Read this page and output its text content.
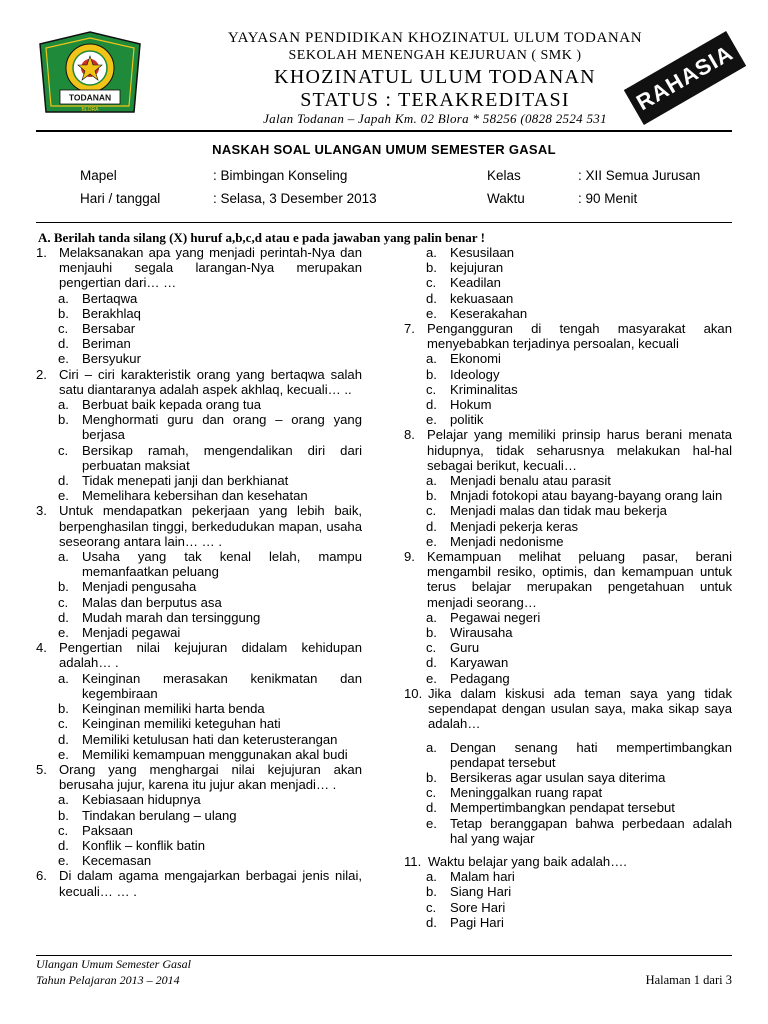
TODANAN
BLORA
YAYASAN PENDIDIKAN KHOZINATUL ULUM TODANAN
SEKOLAH MENENGAH KEJURUAN ( SMK )
KHOZINATUL ULUM TODANAN
STATUS : TERAKREDITASI
Jalan Todanan – Japah Km. 02 Blora * 58256 (0828 2524 531
RAHASIA
NASKAH SOAL ULANGAN UMUM SEMESTER GASAL
Mapel	: Bimbingan Konseling	Kelas	: XII Semua Jurusan
Hari / tanggal	: Selasa, 3 Desember 2013	Waktu	: 90 Menit
A. Berilah tanda silang (X) huruf a,b,c,d atau e pada jawaban yang palin benar !
1. Melaksanakan apa yang menjadi perintah-Nya dan menjauhi segala larangan-Nya merupakan pengertian dari… …
a. Bertaqwa
b. Berakhlaq
c.	Bersabar
d. Beriman
e. Bersyukur
2. Ciri – ciri karakteristik orang yang bertaqwa salah satu diantaranya adalah aspek akhlaq, kecuali… ..
a. Berbuat baik kepada orang tua
b. Menghormati guru dan orang – orang yang berjasa
c.	Bersikap ramah, mengendalikan diri dari perbuatan maksiat
d. Tidak menepati janji dan berkhianat
e. Memelihara kebersihan dan kesehatan
3. Untuk mendapatkan pekerjaan yang lebih baik, berpenghasilan tinggi, berkedudukan mapan, usaha seseorang antara lain… … .
a. Usaha yang tak kenal lelah, mampu memanfaatkan peluang
b. Menjadi pengusaha
c.	Malas dan berputus asa
d. Mudah marah dan tersinggung
e. Menjadi pegawai
4. Pengertian nilai kejujuran didalam kehidupan adalah… .
a. Keinginan merasakan kenikmatan dan kegembiraan
b. Keinginan memiliki harta benda
c.	Keinginan memiliki keteguhan hati
d. Memiliki ketulusan hati dan keterusterangan
e. Memiliki kemampuan menggunakan akal budi
5. Orang yang menghargai nilai kejujuran akan berusaha jujur, karena itu jujur akan menjadi… .
a. Kebiasaan hidupnya
b. Tindakan berulang – ulang
c.	Paksaan
d. Konflik – konflik batin
e. Kecemasan
6. Di dalam agama mengajarkan berbagai jenis nilai, kecuali… … .
a. Kesusilaan
b. kejujuran
c.	Keadilan
d. kekuasaan
e. Keserakahan
7. Pengangguran di tengah masyarakat akan menyebabkan terjadinya persoalan, kecuali
a. Ekonomi
b. Ideology
c.	Kriminalitas
d. Hokum
e. politik
8. Pelajar yang memiliki prinsip harus berani menata hidupnya, tidak seharusnya melakukan hal-hal sebagai berikut, kecuali…
a. Menjadi benalu atau parasit
b. Mnjadi fotokopi atau bayang-bayang orang lain
c.	Menjadi malas dan tidak mau bekerja
d. Menjadi pekerja keras
e. Menjadi nedonisme
9. Kemampuan melihat peluang pasar, berani mengambil resiko, optimis, dan kemampuan untuk terus belajar merupakan pengetahuan untuk menjadi seorang…
a. Pegawai negeri
b. Wirausaha
c.	Guru
d. Karyawan
e. Pedagang
10. Jika dalam kiskusi ada teman saya yang tidak sependapat dengan usulan saya, maka sikap saya adalah…
a. Dengan senang hati mempertimbangkan pendapat tersebut
b. Bersikeras agar usulan saya diterima
c.	Meninggalkan ruang rapat
d. Mempertimbangkan pendapat tersebut
e. Tetap beranggapan bahwa perbedaan adalah hal yang wajar
11. Waktu belajar yang baik adalah….
a. Malam hari
b. Siang Hari
c.	Sore Hari
d. Pagi Hari
Ulangan Umum Semester Gasal
Tahun Pelajaran 2013 – 2014	Halaman 1 dari 3
